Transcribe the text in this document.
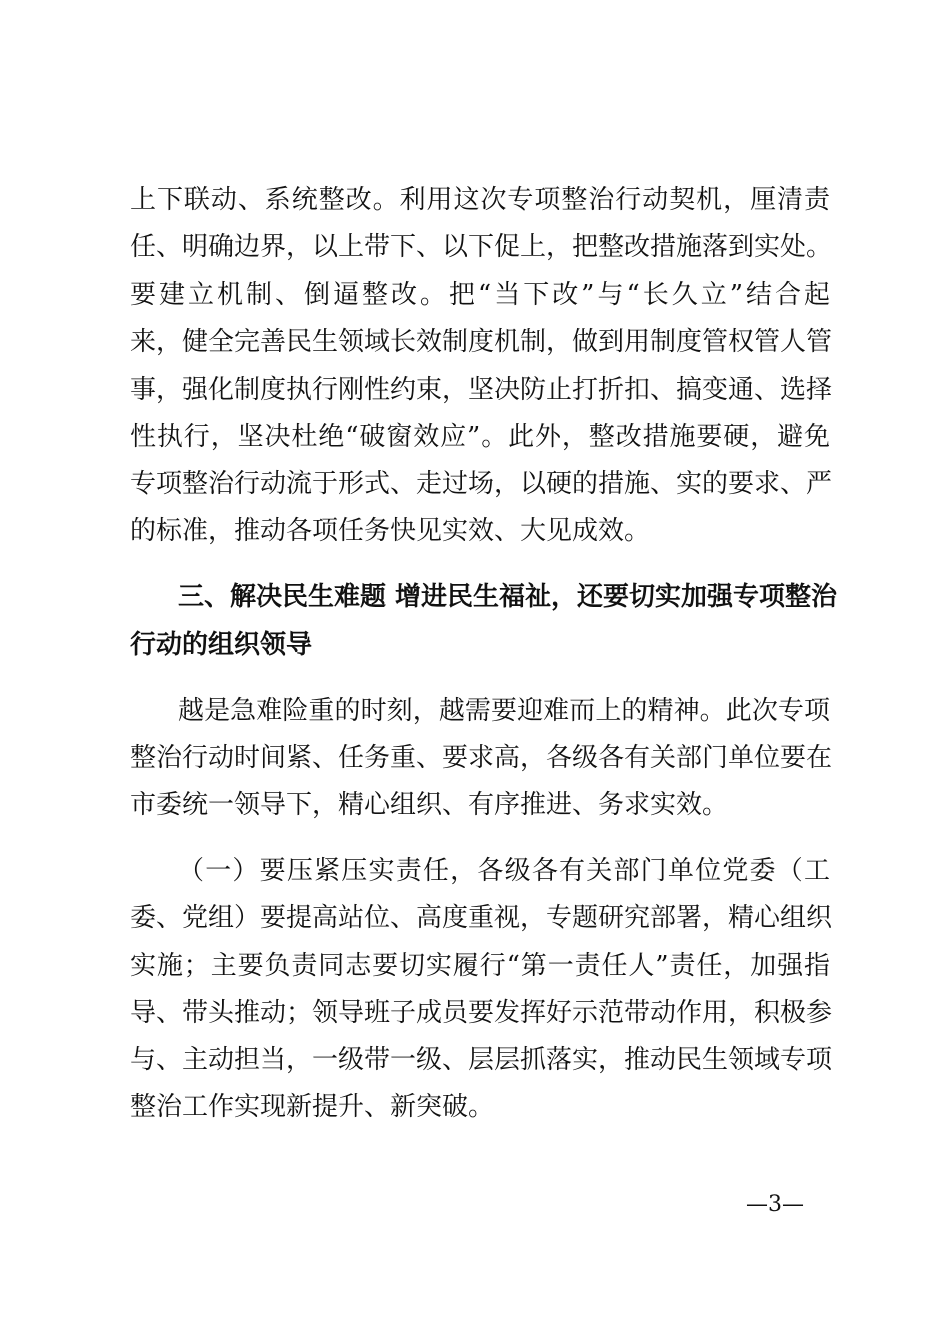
上下联动、系统整改。利用这次专项整治行动契机，厘清责
任、明确边界，以上带下、以下促上，把整改措施落到实处。
要建立机制、倒逼整改。把“当下改”与“长久立”结合起
来，健全完善民生领域长效制度机制，做到用制度管权管人管
事，强化制度执行刚性约束，坚决防止打折扣、搞变通、选择
性执行，坚决杜绝“破窗效应”。此外，整改措施要硬，避免
专项整治行动流于形式、走过场，以硬的措施、实的要求、严
的标准，推动各项任务快见实效、大见成效。
三、解决民生难题 增进民生福祉，还要切实加强专项整治
行动的组织领导
越是急难险重的时刻，越需要迎难而上的精神。此次专项
整治行动时间紧、任务重、要求高，各级各有关部门单位要在
市委统一领导下，精心组织、有序推进、务求实效。
（一）要压紧压实责任，各级各有关部门单位党委（工
委、党组）要提高站位、高度重视，专题研究部署，精心组织
实施；主要负责同志要切实履行“第一责任人”责任，加强指
导、带头推动；领导班子成员要发挥好示范带动作用，积极参
与、主动担当，一级带一级、层层抓落实，推动民生领域专项
整治工作实现新提升、新突破。
—3—
